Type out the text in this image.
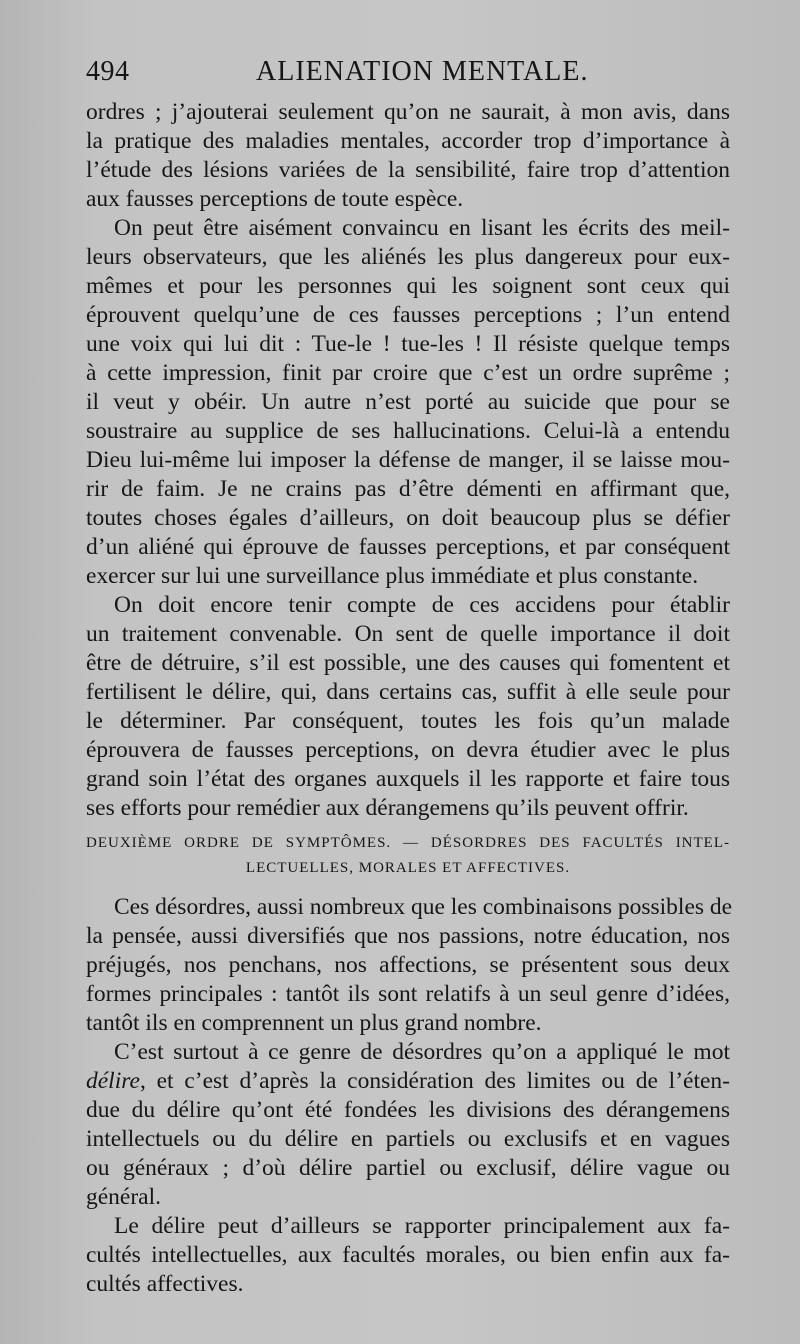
494	ALIENATION MENTALE.
ordres ; j’ajouterai seulement qu’on ne saurait, à mon avis, dans
la pratique des maladies mentales, accorder trop d’importance à
l’étude des lésions variées de la sensibilité, faire trop d’attention
aux fausses perceptions de toute espèce.
On peut être aisément convaincu en lisant les écrits des meil-
leurs observateurs, que les aliénés les plus dangereux pour eux-
mêmes et pour les personnes qui les soignent sont ceux qui
éprouvent quelqu’une de ces fausses perceptions ; l’un entend
une voix qui lui dit : Tue-le ! tue-les ! Il résiste quelque temps
à cette impression, finit par croire que c’est un ordre suprême ;
il veut y obéir. Un autre n’est porté au suicide que pour se
soustraire au supplice de ses hallucinations. Celui-là a entendu
Dieu lui-même lui imposer la défense de manger, il se laisse mou-
rir de faim. Je ne crains pas d’être démenti en affirmant que,
toutes choses égales d’ailleurs, on doit beaucoup plus se défier
d’un aliéné qui éprouve de fausses perceptions, et par conséquent
exercer sur lui une surveillance plus immédiate et plus constante.
On doit encore tenir compte de ces accidens pour établir
un traitement convenable. On sent de quelle importance il doit
être de détruire, s’il est possible, une des causes qui fomentent et
fertilisent le délire, qui, dans certains cas, suffit à elle seule pour
le déterminer. Par conséquent, toutes les fois qu’un malade
éprouvera de fausses perceptions, on devra étudier avec le plus
grand soin l’état des organes auxquels il les rapporte et faire tous
ses efforts pour remédier aux dérangemens qu’ils peuvent offrir.
DEUXIÈME ORDRE DE SYMPTÔMES. — DÉSORDRES DES FACULTÉS INTEL-
LECTUELLES, MORALES ET AFFECTIVES.
Ces désordres, aussi nombreux que les combinaisons possibles de
la pensée, aussi diversifiés que nos passions, notre éducation, nos
préjugés, nos penchans, nos affections, se présentent sous deux
formes principales : tantôt ils sont relatifs à un seul genre d’idées,
tantôt ils en comprennent un plus grand nombre.
C’est surtout à ce genre de désordres qu’on a appliqué le mot
délire, et c’est d’après la considération des limites ou de l’éten-
due du délire qu’ont été fondées les divisions des dérangemens
intellectuels ou du délire en partiels ou exclusifs et en vagues
ou généraux ; d’où délire partiel ou exclusif, délire vague ou
général.
Le délire peut d’ailleurs se rapporter principalement aux fa-
cultés intellectuelles, aux facultés morales, ou bien enfin aux fa-
cultés affectives.
